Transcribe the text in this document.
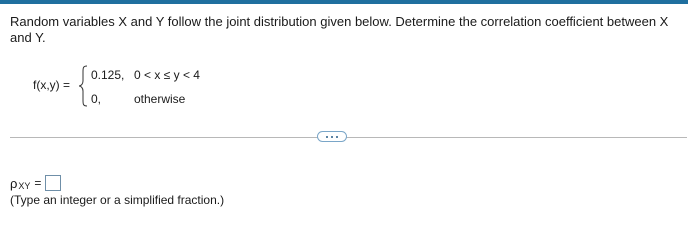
Random variables X and Y follow the joint distribution given below. Determine the correlation coefficient between X and Y.
f(x,y) =
0.125, 0 < x ≤ y < 4
0,	otherwise
ρ XY =
(Type an integer or a simplified fraction.)
